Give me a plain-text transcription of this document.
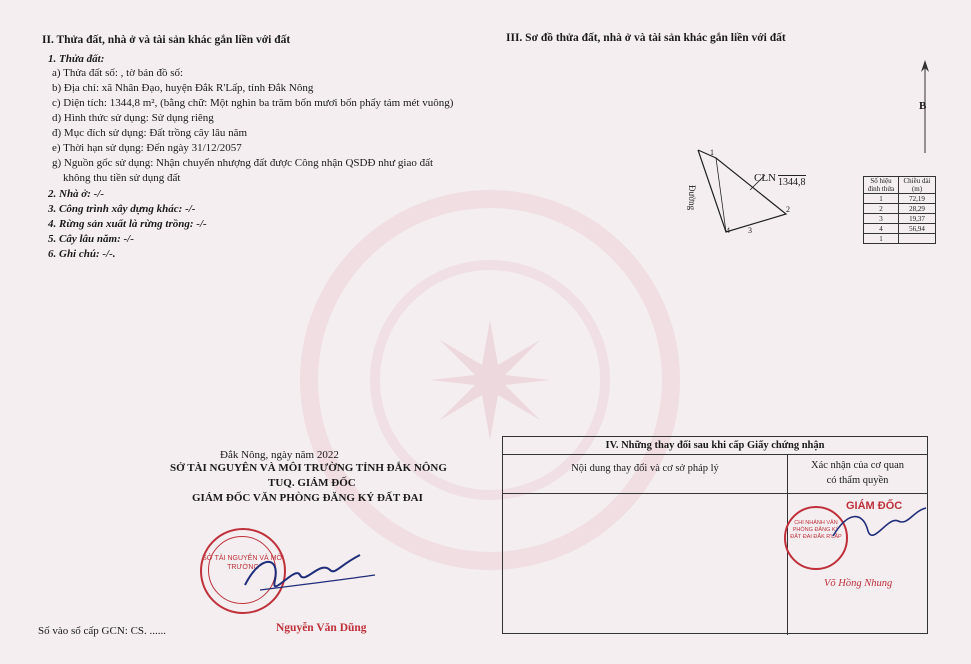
II. Thửa đất, nhà ở và tài sản khác gắn liền với đất
1. Thửa đất:
a) Thửa đất số: , tờ bản đồ số:
b) Địa chỉ: xã Nhân Đạo, huyện Đắk R'Lấp, tỉnh Đắk Nông
c) Diện tích: 1344,8 m², (bằng chữ: Một nghìn ba trăm bốn mươi bốn phẩy tám mét vuông)
d) Hình thức sử dụng: Sử dụng riêng
đ) Mục đích sử dụng: Đất trồng cây lâu năm
e) Thời hạn sử dụng: Đến ngày 31/12/2057
g) Nguồn gốc sử dụng: Nhận chuyển nhượng đất được Công nhận QSDĐ như giao đất
không thu tiền sử dụng đất
2. Nhà ở: -/-
3. Công trình xây dựng khác: -/-
4. Rừng sản xuất là rừng trồng: -/-
5. Cây lâu năm: -/-
6. Ghi chú: -/-.
Đắk Nông, ngày năm 2022
SỞ TÀI NGUYÊN VÀ MÔI TRƯỜNG TỈNH ĐẮK NÔNG
TUQ. GIÁM ĐỐC
GIÁM ĐỐC VĂN PHÒNG ĐĂNG KÝ ĐẤT ĐAI
SỞ TÀI NGUYÊN VÀ MÔI TRƯỜNG
Nguyễn Văn Dũng
Số vào sổ cấp GCN: CS. ......
III. Sơ đồ thửa đất, nhà ở và tài sản khác gắn liền với đất
B
1
2
3
4
Đường
CLN 1344,8	Số hiệu đỉnh thửa	Chiều dài (m)
1	72,19
2	28,29
3	19,37
4	56,94
1	
IV. Những thay đổi sau khi cấp Giấy chứng nhận
Nội dung thay đổi và cơ sở pháp lý	Xác nhận của cơ quan
có thẩm quyền
CHI NHÁNH VĂN PHÒNG ĐĂNG KÝ ĐẤT ĐAI ĐẮK R'LẤP
GIÁM ĐỐC
Võ Hồng Nhung
